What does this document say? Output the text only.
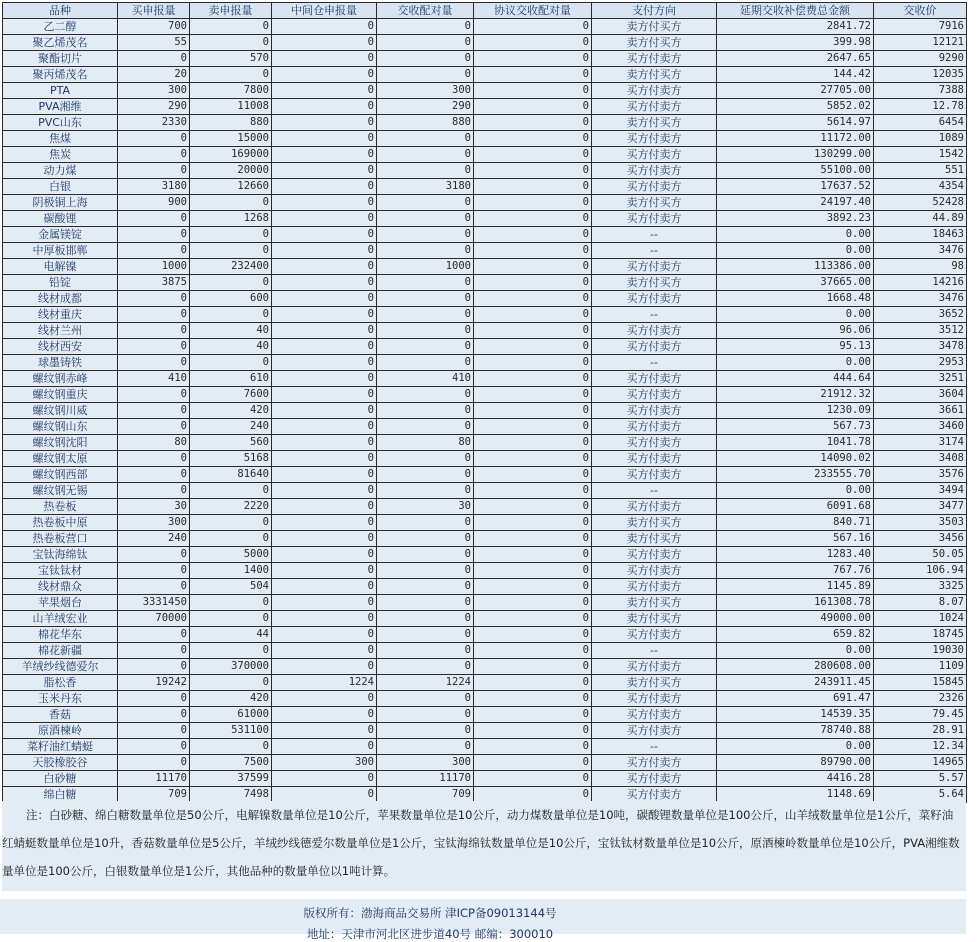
品种	买申报量	卖申报量	中间仓申报量	交收配对量	协议交收配对量	支付方向	延期交收补偿费总金额	交收价
乙二醇	700	0	0	0	0	卖方付买方	2841.72	7916
聚乙烯茂名	55	0	0	0	0	卖方付买方	399.98	12121
聚酯切片	0	570	0	0	0	买方付卖方	2647.65	9290
聚丙烯茂名	20	0	0	0	0	卖方付买方	144.42	12035
PTA	300	7800	0	300	0	买方付卖方	27705.00	7388
PVA湘维	290	11008	0	290	0	买方付卖方	5852.02	12.78
PVC山东	2330	880	0	880	0	卖方付买方	5614.97	6454
焦煤	0	15000	0	0	0	买方付卖方	11172.00	1089
焦炭	0	169000	0	0	0	买方付卖方	130299.00	1542
动力煤	0	20000	0	0	0	买方付卖方	55100.00	551
白银	3180	12660	0	3180	0	买方付卖方	17637.52	4354
阴极铜上海	900	0	0	0	0	卖方付买方	24197.40	52428
碳酸锂	0	1268	0	0	0	买方付卖方	3892.23	44.89
金属镁锭	0	0	0	0	0	--	0.00	18463
中厚板邯郸	0	0	0	0	0	--	0.00	3476
电解镍	1000	232400	0	1000	0	买方付卖方	113386.00	98
铅锭	3875	0	0	0	0	卖方付买方	37665.00	14216
线材成都	0	600	0	0	0	买方付卖方	1668.48	3476
线材重庆	0	0	0	0	0	--	0.00	3652
线材兰州	0	40	0	0	0	买方付卖方	96.06	3512
线材西安	0	40	0	0	0	买方付卖方	95.13	3478
球墨铸铁	0	0	0	0	0	--	0.00	2953
螺纹钢赤峰	410	610	0	410	0	买方付卖方	444.64	3251
螺纹钢重庆	0	7600	0	0	0	买方付卖方	21912.32	3604
螺纹钢川威	0	420	0	0	0	买方付卖方	1230.09	3661
螺纹钢山东	0	240	0	0	0	买方付卖方	567.73	3460
螺纹钢沈阳	80	560	0	80	0	买方付卖方	1041.78	3174
螺纹钢太原	0	5168	0	0	0	买方付卖方	14090.02	3408
螺纹钢西部	0	81640	0	0	0	买方付卖方	233555.70	3576
螺纹钢无锡	0	0	0	0	0	--	0.00	3494
热卷板	30	2220	0	30	0	买方付卖方	6091.68	3477
热卷板中原	300	0	0	0	0	卖方付买方	840.71	3503
热卷板营口	240	0	0	0	0	卖方付买方	567.16	3456
宝钛海绵钛	0	5000	0	0	0	买方付卖方	1283.40	50.05
宝钛钛材	0	1400	0	0	0	买方付卖方	767.76	106.94
线材鼎众	0	504	0	0	0	买方付卖方	1145.89	3325
苹果烟台	3331450	0	0	0	0	卖方付买方	161308.78	8.07
山羊绒宏业	70000	0	0	0	0	卖方付买方	49000.00	1024
棉花华东	0	44	0	0	0	买方付卖方	659.82	18745
棉花新疆	0	0	0	0	0	--	0.00	19030
羊绒纱线德爱尔	0	370000	0	0	0	买方付卖方	280608.00	1109
脂松香	19242	0	1224	1224	0	卖方付买方	243911.45	15845
玉米丹东	0	420	0	0	0	买方付卖方	691.47	2326
香菇	0	61000	0	0	0	买方付卖方	14539.35	79.45
原酒楝岭	0	531100	0	0	0	买方付卖方	78740.88	28.91
菜籽油红蜻蜓	0	0	0	0	0	--	0.00	12.34
天胶橡胶谷	0	7500	300	300	0	买方付卖方	89790.00	14965
白砂糖	11170	37599	0	11170	0	买方付卖方	4416.28	5.57
绵白糖	709	7498	0	709	0	买方付卖方	1148.69	5.64
注：白砂糖、绵白糖数量单位是50公斤，电解镍数量单位是10公斤，苹果数量单位是10公斤，动力煤数量单位是10吨，碳酸锂数量单位是100公斤，山羊绒数量单位是1公斤，菜籽油红蜻蜓数量单位是10升，香菇数量单位是5公斤，羊绒纱线德爱尔数量单位是1公斤，宝钛海绵钛数量单位是10公斤，宝钛钛材数量单位是10公斤，原酒楝岭数量单位是10公斤，PVA湘维数量单位是100公斤，白银数量单位是1公斤，其他品种的数量单位以1吨计算。
版权所有：渤海商品交易所 津ICP备09013144号
地址：天津市河北区进步道40号 邮编：300010
